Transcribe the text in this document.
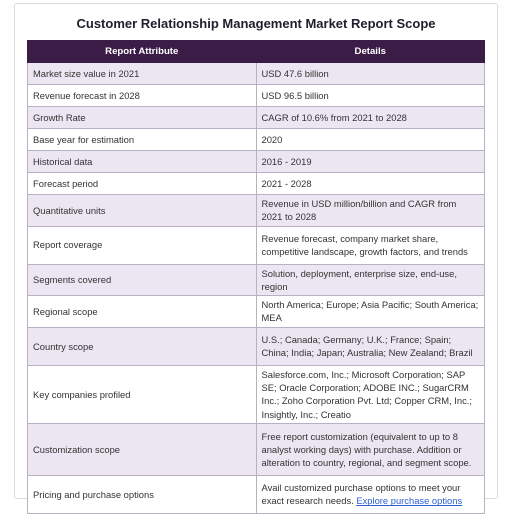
Customer Relationship Management Market Report Scope
Report Attribute	Details
Market size value in 2021	USD 47.6 billion
Revenue forecast in 2028	USD 96.5 billion
Growth Rate	CAGR of 10.6% from 2021 to 2028
Base year for estimation	2020
Historical data	2016 - 2019
Forecast period	2021 - 2028
Quantitative units	Revenue in USD million/billion and CAGR from 2021 to 2028
Report coverage	Revenue forecast, company market share, competitive landscape, growth factors, and trends
Segments covered	Solution, deployment, enterprise size, end-use, region
Regional scope	North America; Europe; Asia Pacific; South America; MEA
Country scope	U.S.; Canada; Germany; U.K.; France; Spain; China; India; Japan; Australia; New Zealand; Brazil
Key companies profiled	Salesforce.com, Inc.; Microsoft Corporation; SAP SE; Oracle Corporation; ADOBE INC.; SugarCRM Inc.; Zoho Corporation Pvt. Ltd; Copper CRM, Inc.; Insightly, Inc.; Creatio
Customization scope	Free report customization (equivalent to up to 8 analyst working days) with purchase. Addition or alteration to country, regional, and segment scope.
Pricing and purchase options	Avail customized purchase options to meet your exact research needs. Explore purchase options
